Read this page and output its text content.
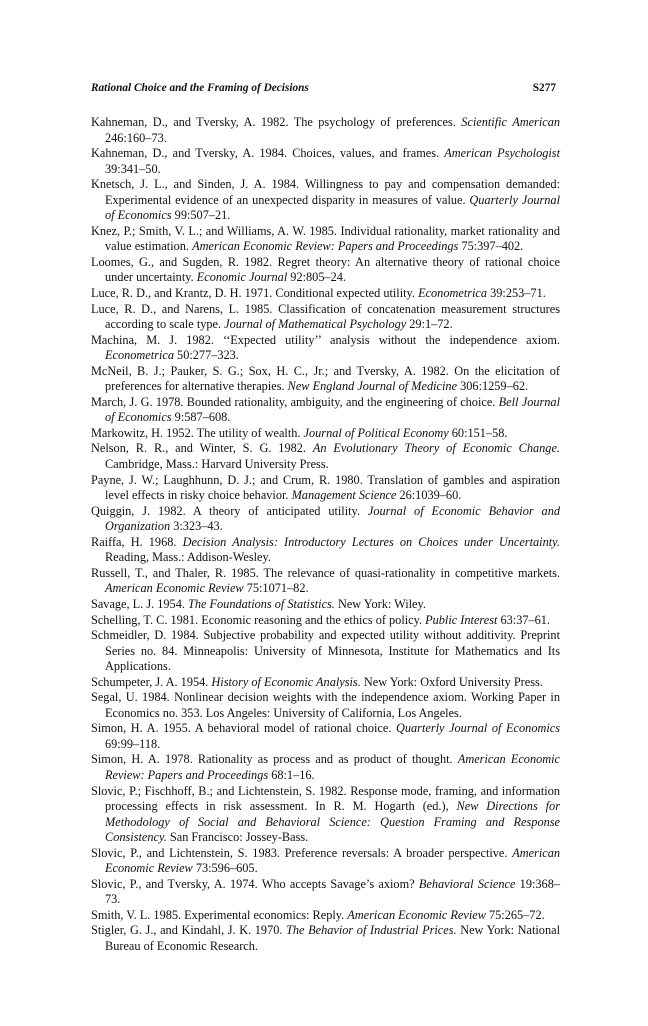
Rational Choice and the Framing of Decisions	S277
Kahneman, D., and Tversky, A. 1982. The psychology of preferences. Scientific American 246:160–73.
Kahneman, D., and Tversky, A. 1984. Choices, values, and frames. American Psychologist 39:341–50.
Knetsch, J. L., and Sinden, J. A. 1984. Willingness to pay and compensation demanded: Experimental evidence of an unexpected disparity in measures of value. Quarterly Journal of Economics 99:507–21.
Knez, P.; Smith, V. L.; and Williams, A. W. 1985. Individual rationality, market rationality and value estimation. American Economic Review: Papers and Proceedings 75:397–402.
Loomes, G., and Sugden, R. 1982. Regret theory: An alternative theory of rational choice under uncertainty. Economic Journal 92:805–24.
Luce, R. D., and Krantz, D. H. 1971. Conditional expected utility. Econometrica 39:253–71.
Luce, R. D., and Narens, L. 1985. Classification of concatenation measurement structures according to scale type. Journal of Mathematical Psychology 29:1–72.
Machina, M. J. 1982. ‘‘Expected utility’’ analysis without the independence axiom. Econometrica 50:277–323.
McNeil, B. J.; Pauker, S. G.; Sox, H. C., Jr.; and Tversky, A. 1982. On the elicitation of preferences for alternative therapies. New England Journal of Medicine 306:1259–62.
March, J. G. 1978. Bounded rationality, ambiguity, and the engineering of choice. Bell Journal of Economics 9:587–608.
Markowitz, H. 1952. The utility of wealth. Journal of Political Economy 60:151–58.
Nelson, R. R., and Winter, S. G. 1982. An Evolutionary Theory of Economic Change. Cambridge, Mass.: Harvard University Press.
Payne, J. W.; Laughhunn, D. J.; and Crum, R. 1980. Translation of gambles and aspiration level effects in risky choice behavior. Management Science 26:1039–60.
Quiggin, J. 1982. A theory of anticipated utility. Journal of Economic Behavior and Organization 3:323–43.
Raiffa, H. 1968. Decision Analysis: Introductory Lectures on Choices under Uncertainty. Reading, Mass.: Addison-Wesley.
Russell, T., and Thaler, R. 1985. The relevance of quasi-rationality in competitive markets. American Economic Review 75:1071–82.
Savage, L. J. 1954. The Foundations of Statistics. New York: Wiley.
Schelling, T. C. 1981. Economic reasoning and the ethics of policy. Public Interest 63:37–61.
Schmeidler, D. 1984. Subjective probability and expected utility without additivity. Preprint Series no. 84. Minneapolis: University of Minnesota, Institute for Mathematics and Its Applications.
Schumpeter, J. A. 1954. History of Economic Analysis. New York: Oxford University Press.
Segal, U. 1984. Nonlinear decision weights with the independence axiom. Working Paper in Economics no. 353. Los Angeles: University of California, Los Angeles.
Simon, H. A. 1955. A behavioral model of rational choice. Quarterly Journal of Economics 69:99–118.
Simon, H. A. 1978. Rationality as process and as product of thought. American Economic Review: Papers and Proceedings 68:1–16.
Slovic, P.; Fischhoff, B.; and Lichtenstein, S. 1982. Response mode, framing, and information processing effects in risk assessment. In R. M. Hogarth (ed.), New Directions for Methodology of Social and Behavioral Science: Question Framing and Response Consistency. San Francisco: Jossey-Bass.
Slovic, P., and Lichtenstein, S. 1983. Preference reversals: A broader perspective. American Economic Review 73:596–605.
Slovic, P., and Tversky, A. 1974. Who accepts Savage’s axiom? Behavioral Science 19:368–73.
Smith, V. L. 1985. Experimental economics: Reply. American Economic Review 75:265–72.
Stigler, G. J., and Kindahl, J. K. 1970. The Behavior of Industrial Prices. New York: National Bureau of Economic Research.
